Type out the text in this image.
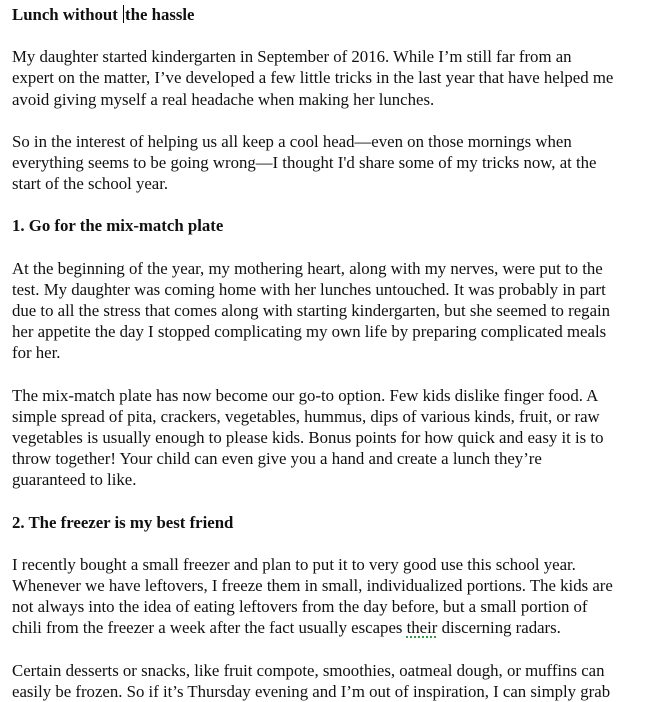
Lunch without the hassle

My daughter started kindergarten in September of 2016. While I’m still far from an
expert on the matter, I’ve developed a few little tricks in the last year that have helped me
avoid giving myself a real headache when making her lunches.

So in the interest of helping us all keep a cool head—even on those mornings when
everything seems to be going wrong—I thought I'd share some of my tricks now, at the
start of the school year.

1. Go for the mix-match plate

At the beginning of the year, my mothering heart, along with my nerves, were put to the
test. My daughter was coming home with her lunches untouched. It was probably in part
due to all the stress that comes along with starting kindergarten, but she seemed to regain
her appetite the day I stopped complicating my own life by preparing complicated meals
for her.

The mix-match plate has now become our go-to option. Few kids dislike finger food. A
simple spread of pita, crackers, vegetables, hummus, dips of various kinds, fruit, or raw
vegetables is usually enough to please kids. Bonus points for how quick and easy it is to
throw together! Your child can even give you a hand and create a lunch they’re
guaranteed to like.

2. The freezer is my best friend

I recently bought a small freezer and plan to put it to very good use this school year.
Whenever we have leftovers, I freeze them in small, individualized portions. The kids are
not always into the idea of eating leftovers from the day before, but a small portion of
chili from the freezer a week after the fact usually escapes their discerning radars.

Certain desserts or snacks, like fruit compote, smoothies, oatmeal dough, or muffins can
easily be frozen. So if it’s Thursday evening and I’m out of inspiration, I can simply grab
